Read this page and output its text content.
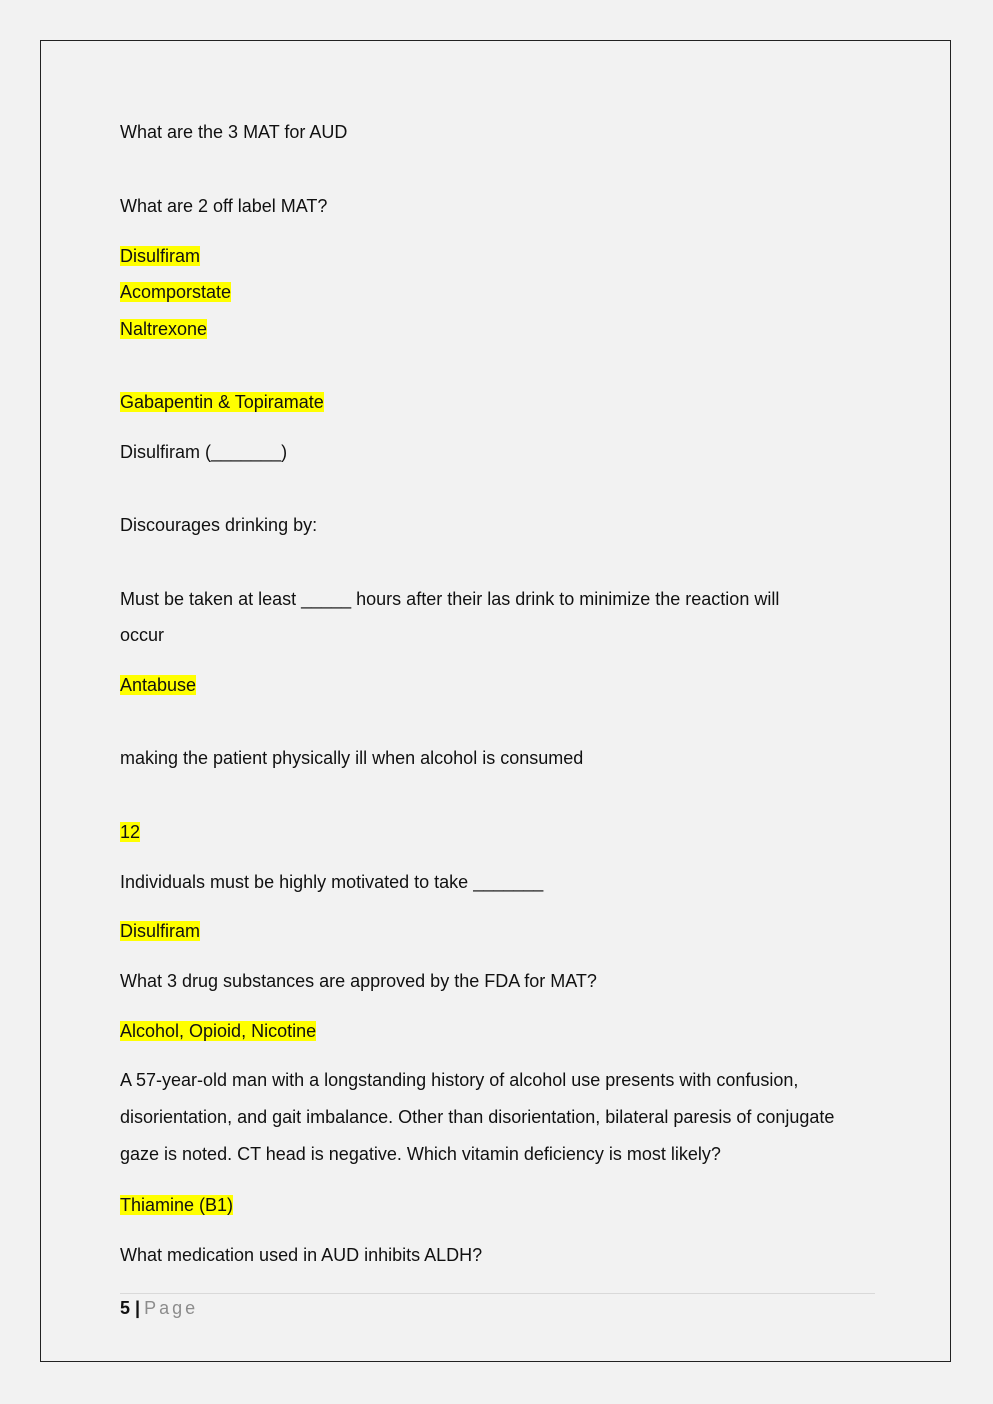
What are the 3 MAT for AUD
What are 2 off label MAT?
Disulfiram
Acomporstate
Naltrexone
Gabapentin & Topiramate
Disulfiram (_______)
Discourages drinking by:
Must be taken at least _____ hours after their las drink to minimize the reaction will
occur
Antabuse
making the patient physically ill when alcohol is consumed
12
Individuals must be highly motivated to take _______
Disulfiram
What 3 drug substances are approved by the FDA for MAT?
Alcohol, Opioid, Nicotine
A 57-year-old man with a longstanding history of alcohol use presents with confusion, disorientation, and gait imbalance. Other than disorientation, bilateral paresis of conjugate gaze is noted. CT head is negative. Which vitamin deficiency is most likely?
Thiamine (B1)
What medication used in AUD inhibits ALDH?
5 | Page
